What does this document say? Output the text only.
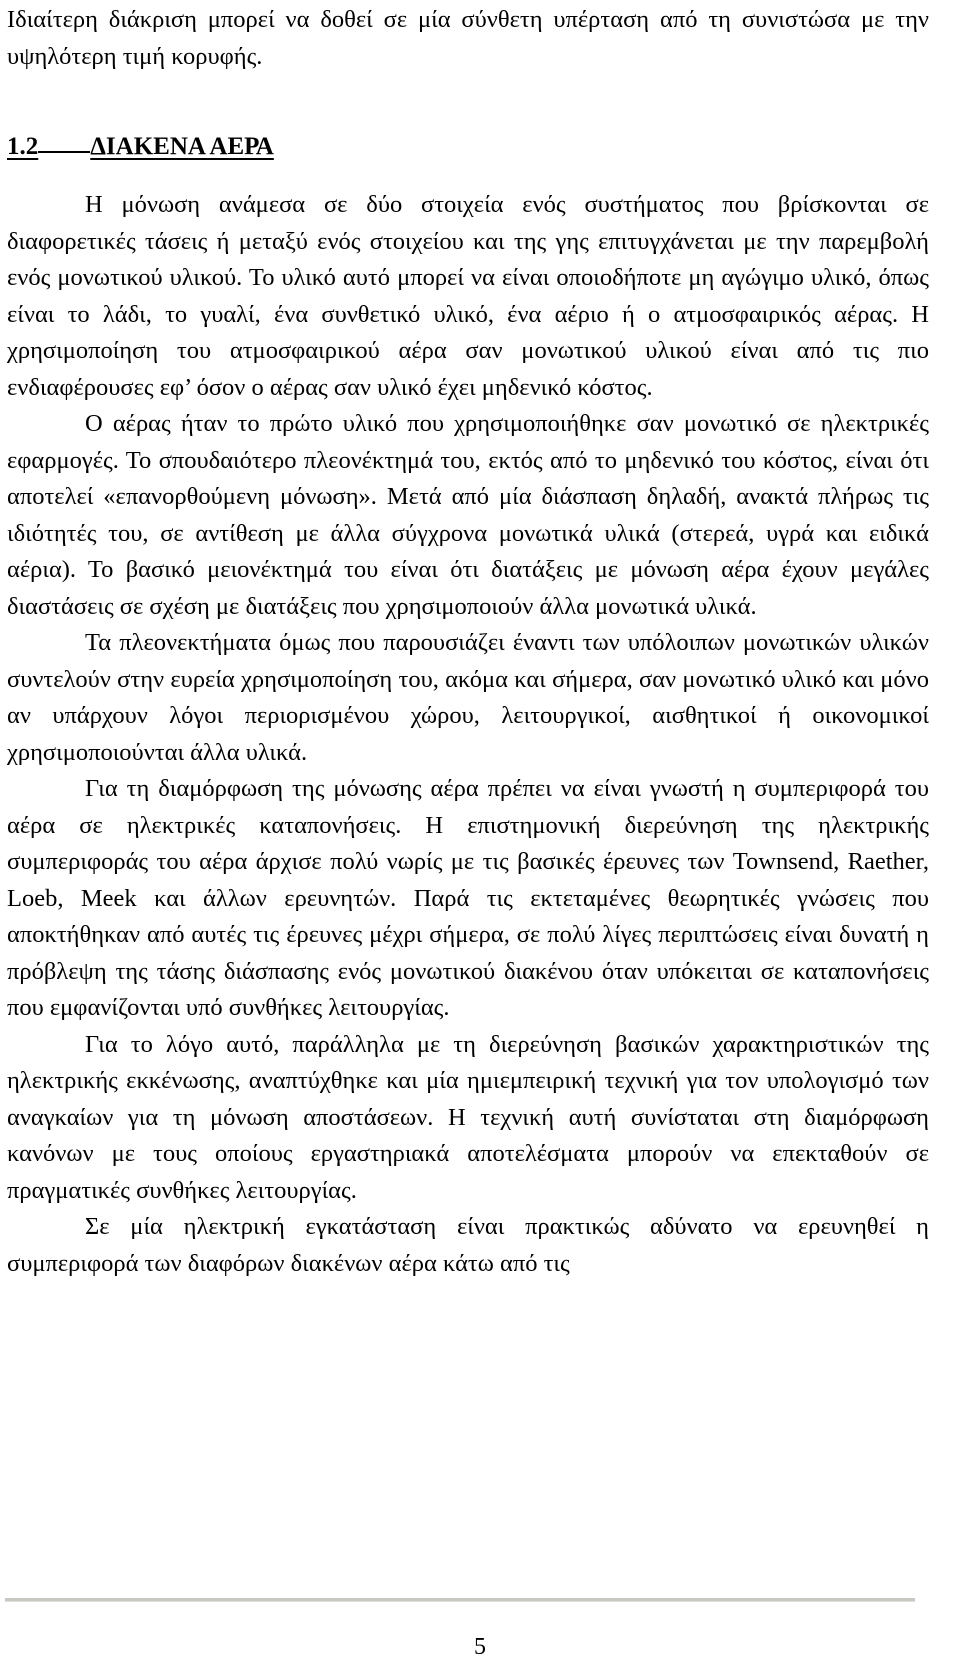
Ιδιαίτερη διάκριση μπορεί να δοθεί σε μία σύνθετη υπέρταση από τη συνιστώσα με την υψηλότερη τιμή κορυφής.

1.2 ΔΙΑΚΕΝΑ ΑΕΡΑ

Η μόνωση ανάμεσα σε δύο στοιχεία ενός συστήματος που βρίσκονται σε διαφορετικές τάσεις ή μεταξύ ενός στοιχείου και της γης επιτυγχάνεται με την παρεμβολή ενός μονωτικού υλικού. Το υλικό αυτό μπορεί να είναι οποιοδήποτε μη αγώγιμο υλικό, όπως είναι το λάδι, το γυαλί, ένα συνθετικό υλικό, ένα αέριο ή ο ατμοσφαιρικός αέρας. Η χρησιμοποίηση του ατμοσφαιρικού αέρα σαν μονωτικού υλικού είναι από τις πιο ενδιαφέρουσες εφ’ όσον ο αέρας σαν υλικό έχει μηδενικό κόστος.

Ο αέρας ήταν το πρώτο υλικό που χρησιμοποιήθηκε σαν μονωτικό σε ηλεκτρικές εφαρμογές. Το σπουδαιότερο πλεονέκτημά του, εκτός από το μηδενικό του κόστος, είναι ότι αποτελεί «επανορθούμενη μόνωση». Μετά από μία διάσπαση δηλαδή, ανακτά πλήρως τις ιδιότητές του, σε αντίθεση με άλλα σύγχρονα μονωτικά υλικά (στερεά, υγρά και ειδικά αέρια). Το βασικό μειονέκτημά του είναι ότι διατάξεις με μόνωση αέρα έχουν μεγάλες διαστάσεις σε σχέση με διατάξεις που χρησιμοποιούν άλλα μονωτικά υλικά.

Τα πλεονεκτήματα όμως που παρουσιάζει έναντι των υπόλοιπων μονωτικών υλικών συντελούν στην ευρεία χρησιμοποίηση του, ακόμα και σήμερα, σαν μονωτικό υλικό και μόνο αν υπάρχουν λόγοι περιορισμένου χώρου, λειτουργικοί, αισθητικοί ή οικονομικοί χρησιμοποιούνται άλλα υλικά.

Για τη διαμόρφωση της μόνωσης αέρα πρέπει να είναι γνωστή η συμπεριφορά του αέρα σε ηλεκτρικές καταπονήσεις. Η επιστημονική διερεύνηση της ηλεκτρικής συμπεριφοράς του αέρα άρχισε πολύ νωρίς με τις βασικές έρευνες των Townsend, Raether, Loeb, Meek και άλλων ερευνητών. Παρά τις εκτεταμένες θεωρητικές γνώσεις που αποκτήθηκαν από αυτές τις έρευνες μέχρι σήμερα, σε πολύ λίγες περιπτώσεις είναι δυνατή η πρόβλεψη της τάσης διάσπασης ενός μονωτικού διακένου όταν υπόκειται σε καταπονήσεις που εμφανίζονται υπό συνθήκες λειτουργίας.

Για το λόγο αυτό, παράλληλα με τη διερεύνηση βασικών χαρακτηριστικών της ηλεκτρικής εκκένωσης, αναπτύχθηκε και μία ημιεμπειρική τεχνική για τον υπολογισμό των αναγκαίων για τη μόνωση αποστάσεων. Η τεχνική αυτή συνίσταται στη διαμόρφωση κανόνων με τους οποίους εργαστηριακά αποτελέσματα μπορούν να επεκταθούν σε πραγματικές συνθήκες λειτουργίας.

Σε μία ηλεκτρική εγκατάσταση είναι πρακτικώς αδύνατο να ερευνηθεί η συμπεριφορά των διαφόρων διακένων αέρα κάτω από τις

5
